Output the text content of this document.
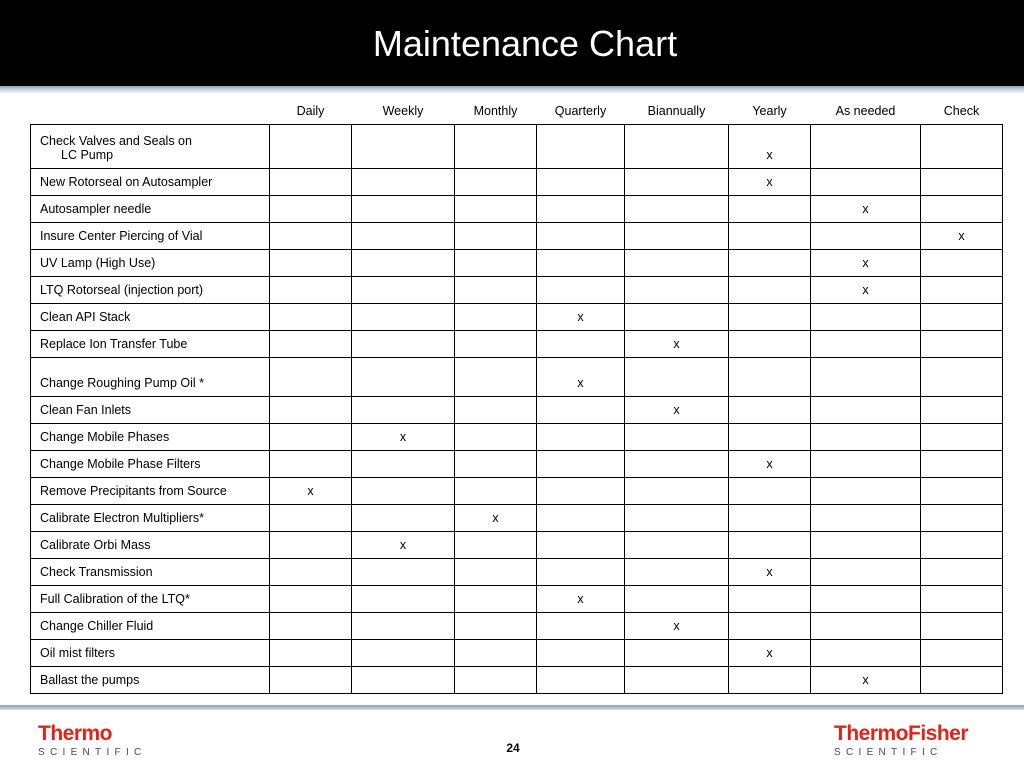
Maintenance Chart
	Daily	Weekly	Monthly	Quarterly	Biannually	Yearly	As needed	Check

Check Valves and Seals on
LC Pump						x		
New Rotorseal on Autosampler						x		
Autosampler needle							x	
Insure Center Piercing of Vial								x
UV Lamp (High Use)							x	
LTQ Rotorseal (injection port)							x	
Clean API Stack				x				
Replace Ion Transfer Tube					x			
Change Roughing Pump Oil *				x				
Clean Fan Inlets					x			
Change Mobile Phases		x						
Change Mobile Phase Filters						x		
Remove Precipitants from Source	x							
Calibrate Electron Multipliers*			x					
Calibrate Orbi Mass		x						
Check Transmission						x		
Full Calibration of the LTQ*				x				
Change Chiller Fluid					x			
Oil mist filters						x		
Ballast the pumps							x	
Thermo
SCIENTIFIC	24
ThermoFisher
SCIENTIFIC
